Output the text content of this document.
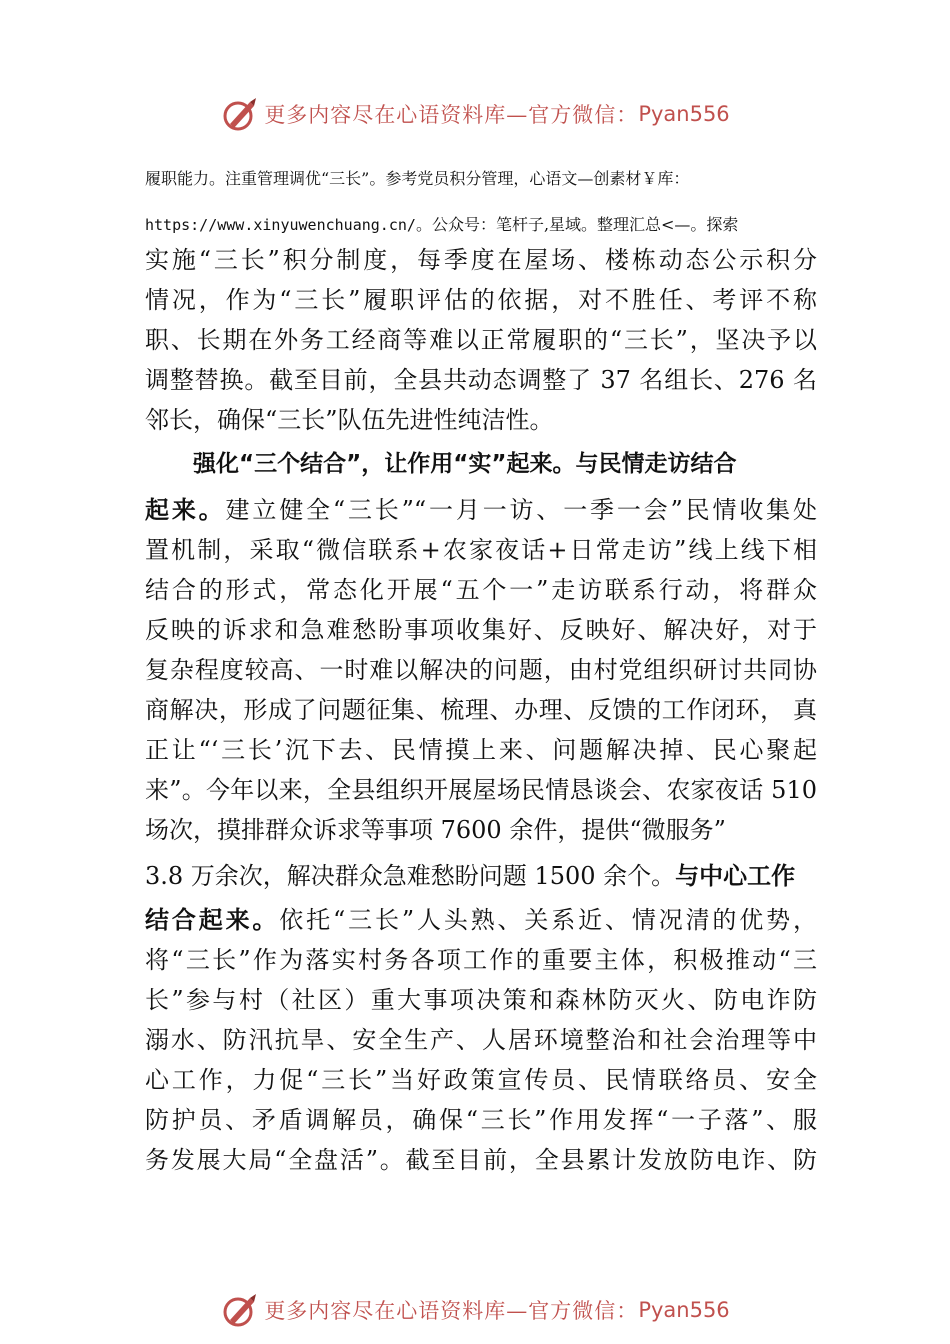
更多内容尽在心语资料库—官方微信： Pyan556
履职能力。注重管理调优“三长”。参考党员积分管理，心语文—创素材￥库：
https://www.xinyuwenchuang.cn/。公众号：笔杆子,星域。整理汇总<—。探索
实施“三长”积分制度，每季度在屋场、楼栋动态公示积分
情况，作为“三长”履职评估的依据，对不胜任、考评不称
职、长期在外务工经商等难以正常履职的“三长”，坚决予以
调整替换。截至目前，全县共动态调整了 37 名组长、276 名
邻长，确保“三长”队伍先进性纯洁性。
强化“三个结合”，让作用“实”起来。与民情走访结合
起来。建立健全“三长”“一月一访、一季一会”民情收集处
置机制，采取“微信联系+农家夜话+日常走访”线上线下相
结合的形式，常态化开展“五个一”走访联系行动，将群众
反映的诉求和急难愁盼事项收集好、反映好、解决好，对于
复杂程度较高、一时难以解决的问题，由村党组织研讨共同协
商解决，形成了问题征集、梳理、办理、反馈的工作闭环， 真
正让“‘三长’沉下去、民情摸上来、问题解决掉、民心聚起
来”。今年以来，全县组织开展屋场民情恳谈会、农家夜话 510
场次，摸排群众诉求等事项 7600 余件，提供“微服务”
3.8 万余次，解决群众急难愁盼问题 1500 余个。与中心工作
结合起来。依托“三长”人头熟、关系近、情况清的优势，
将“三长”作为落实村务各项工作的重要主体，积极推动“三
长”参与村（社区）重大事项决策和森林防灭火、防电诈防
溺水、防汛抗旱、安全生产、人居环境整治和社会治理等中
心工作，力促“三长”当好政策宣传员、民情联络员、安全
防护员、矛盾调解员，确保“三长”作用发挥“一子落”、服
务发展大局“全盘活”。截至目前，全县累计发放防电诈、防
更多内容尽在心语资料库—官方微信： Pyan556
